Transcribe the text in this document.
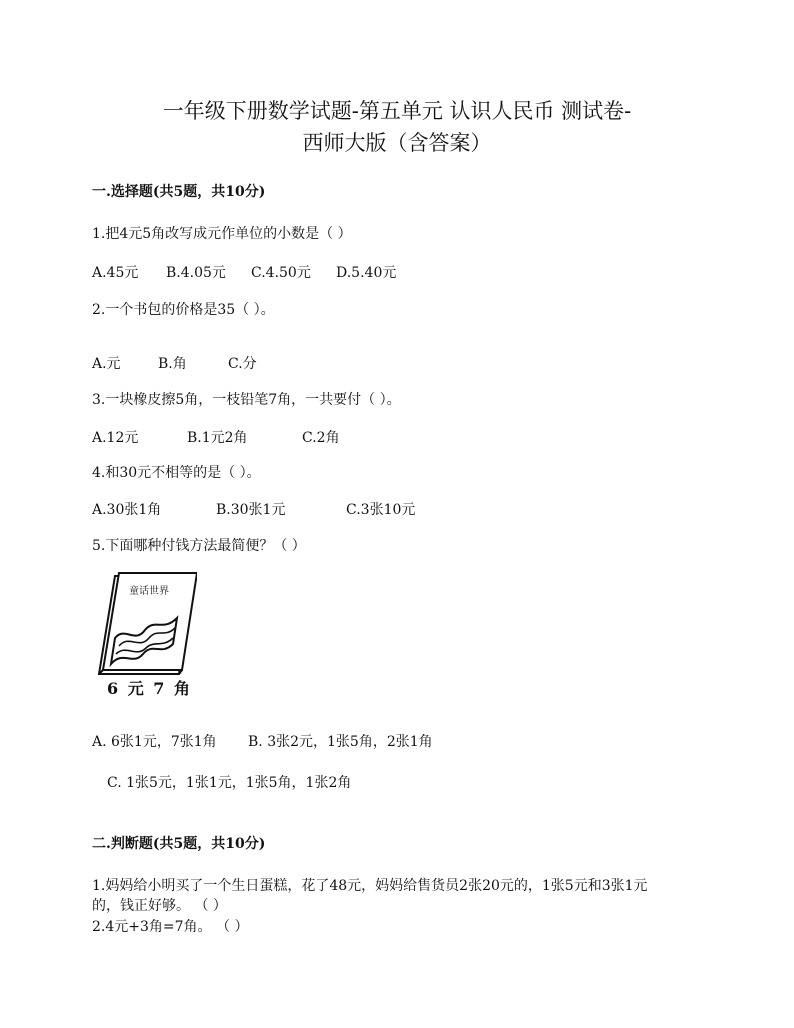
一年级下册数学试题-第五单元 认识人民币 测试卷-
西师大版（含答案）
一.选择题(共5题，共10分)
1.把4元5角改写成元作单位的小数是（ ）
A.45元 B.4.05元 C.4.50元 D.5.40元
2.一个书包的价格是35（ ）。
A.元	B.角	C.分
3.一块橡皮擦5角，一枝铅笔7角，一共要付（ ）。
A.12元	B.1元2角	C.2角
4.和30元不相等的是（ ）。
A.30张1角	B.30张1元	C.3张10元
5.下面哪种付钱方法最简便？（ ）
童话世界
6 元 7 角
A. 6张1元，7张1角 B. 3张2元，1张5角，2张1角
C. 1张5元，1张1元，1张5角，1张2角
二.判断题(共5题，共10分)
1.妈妈给小明买了一个生日蛋糕，花了48元，妈妈给售货员2张20元的，1张5元和3张1元
的，钱正好够。 （ ）
2.4元+3角=7角。 （ ）
